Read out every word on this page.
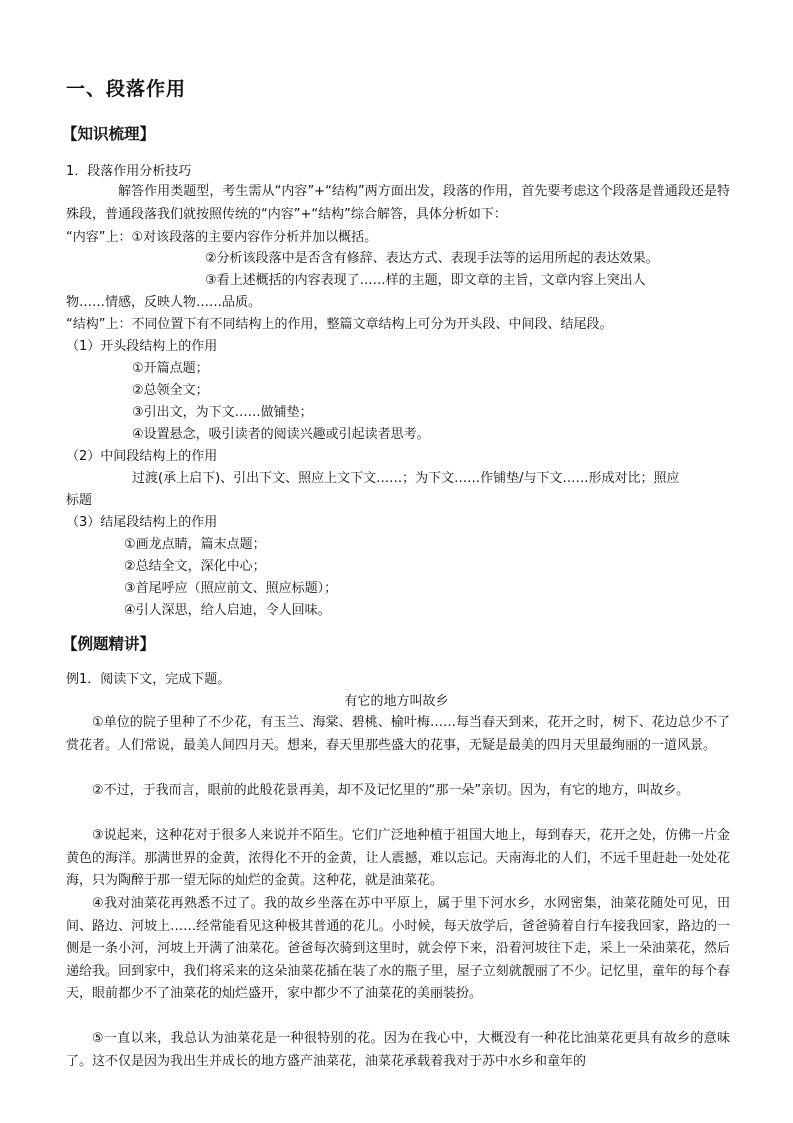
一、段落作用
【知识梳理】
1．段落作用分析技巧
解答作用类题型，考生需从“内容”+“结构”两方面出发，段落的作用，首先要考虑这个段落是普通段还是特殊段，普通段落我们就按照传统的“内容”+“结构”综合解答，具体分析如下：
“内容”上：①对该段落的主要内容作分析并加以概括。
②分析该段落中是否含有修辞、表达方式、表现手法等的运用所起的表达效果。
③看上述概括的内容表现了……样的主题，即文章的主旨，文章内容上突出人
物……情感，反映人物……品质。
“结构”上：不同位置下有不同结构上的作用，整篇文章结构上可分为开头段、中间段、结尾段。
（1）开头段结构上的作用
①开篇点题；
②总领全文；
③引出文，为下文……做铺垫；
④设置悬念，吸引读者的阅读兴趣或引起读者思考。
（2）中间段结构上的作用
过渡(承上启下)、引出下文、照应上文下文……；为下文……作铺垫/与下文……形成对比；照应
标题
（3）结尾段结构上的作用
①画龙点睛，篇末点题；
②总结全文，深化中心；
③首尾呼应（照应前文、照应标题）；
④引人深思，给人启迪，令人回味。
【例题精讲】
例1．阅读下文，完成下题。
有它的地方叫故乡
①单位的院子里种了不少花，有玉兰、海棠、碧桃、榆叶梅……每当春天到来，花开之时，树下、花边总少不了赏花者。人们常说，最美人间四月天。想来，春天里那些盛大的花事，无疑是最美的四月天里最绚丽的一道风景。
②不过，于我而言，眼前的此般花景再美，却不及记忆里的“那一朵”亲切。因为，有它的地方，叫故乡。
③说起来，这种花对于很多人来说并不陌生。它们广泛地种植于祖国大地上，每到春天，花开之处，仿佛一片金黄色的海洋。那满世界的金黄，浓得化不开的金黄，让人震撼，难以忘记。天南海北的人们，不远千里赶赴一处处花海，只为陶醉于那一望无际的灿烂的金黄。这种花，就是油菜花。
④我对油菜花再熟悉不过了。我的故乡坐落在苏中平原上，属于里下河水乡，水网密集，油菜花随处可见，田间、路边、河坡上……经常能看见这种极其普通的花儿。小时候，每天放学后，爸爸骑着自行车接我回家，路边的一侧是一条小河，河坡上开满了油菜花。爸爸每次骑到这里时，就会停下来，沿着河坡往下走，采上一朵油菜花，然后递给我。回到家中，我们将采来的这朵油菜花插在装了水的瓶子里，屋子立刻就靓丽了不少。记忆里，童年的每个春天，眼前都少不了油菜花的灿烂盛开，家中都少不了油菜花的美丽装扮。
⑤一直以来，我总认为油菜花是一种很特别的花。因为在我心中，大概没有一种花比油菜花更具有故乡的意味了。这不仅是因为我出生并成长的地方盛产油菜花，油菜花承载着我对于苏中水乡和童年的
